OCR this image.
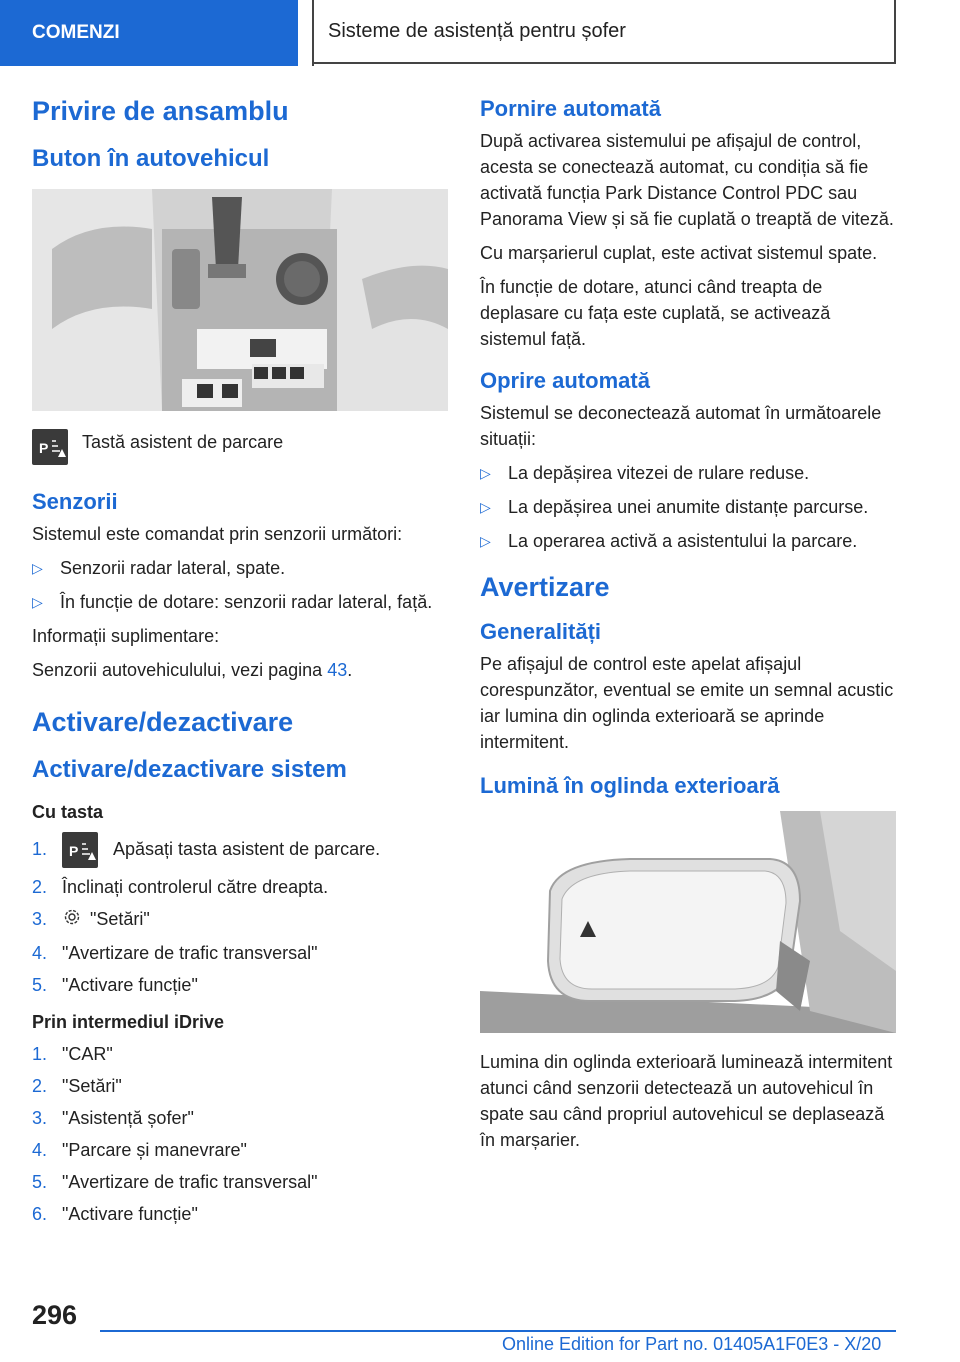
COMENZI	Sisteme de asistență pentru șofer
Privire de ansamblu
Buton în autovehicul
P Tastă asistent de parcare
Senzorii

Sistemul este comandat prin senzorii următori:

▷ Senzorii radar lateral, spate.
▷ În funcție de dotare: senzorii radar lateral, față.

Informații suplimentare:

Senzorii autovehiculului, vezi pagina 43.

Activare/dezactivare
Activare/dezactivare sistem
Cu tasta
1. P Apăsați tasta asistent de parcare.
2. Înclinați controlerul către dreapta.
3. "Setări"
4. "Avertizare de trafic transversal"
5. "Activare funcție"
Prin intermediul iDrive
1. "CAR"
2. "Setări"
3. "Asistență șofer"
4. "Parcare și manevrare"
5. "Avertizare de trafic transversal"
6. "Activare funcție"
Pornire automată

După activarea sistemului pe afișajul de control, acesta se conectează automat, cu condiția să fie activată funcția Park Distance Control PDC sau Panorama View și să fie cuplată o treaptă de viteză.

Cu marșarierul cuplat, este activat sistemul spate.

În funcție de dotare, atunci când treapta de deplasare cu fața este cuplată, se activează sistemul față.

Oprire automată

Sistemul se deconectează automat în următoarele situații:

▷ La depășirea vitezei de rulare reduse.
▷ La depășirea unei anumite distanțe parcurse.
▷ La operarea activă a asistentului la parcare.
Avertizare
Generalități

Pe afișajul de control este apelat afișajul corespunzător, eventual se emite un semnal acustic iar lumina din oglinda exterioară se aprinde intermitent.

Lumină în oglinda exterioară

Lumina din oglinda exterioară luminează intermitent atunci când senzorii detectează un autovehicul în spate sau când propriul autovehicul se deplasează în marșarier.

296
Online Edition for Part no. 01405A1F0E3 - X/20
